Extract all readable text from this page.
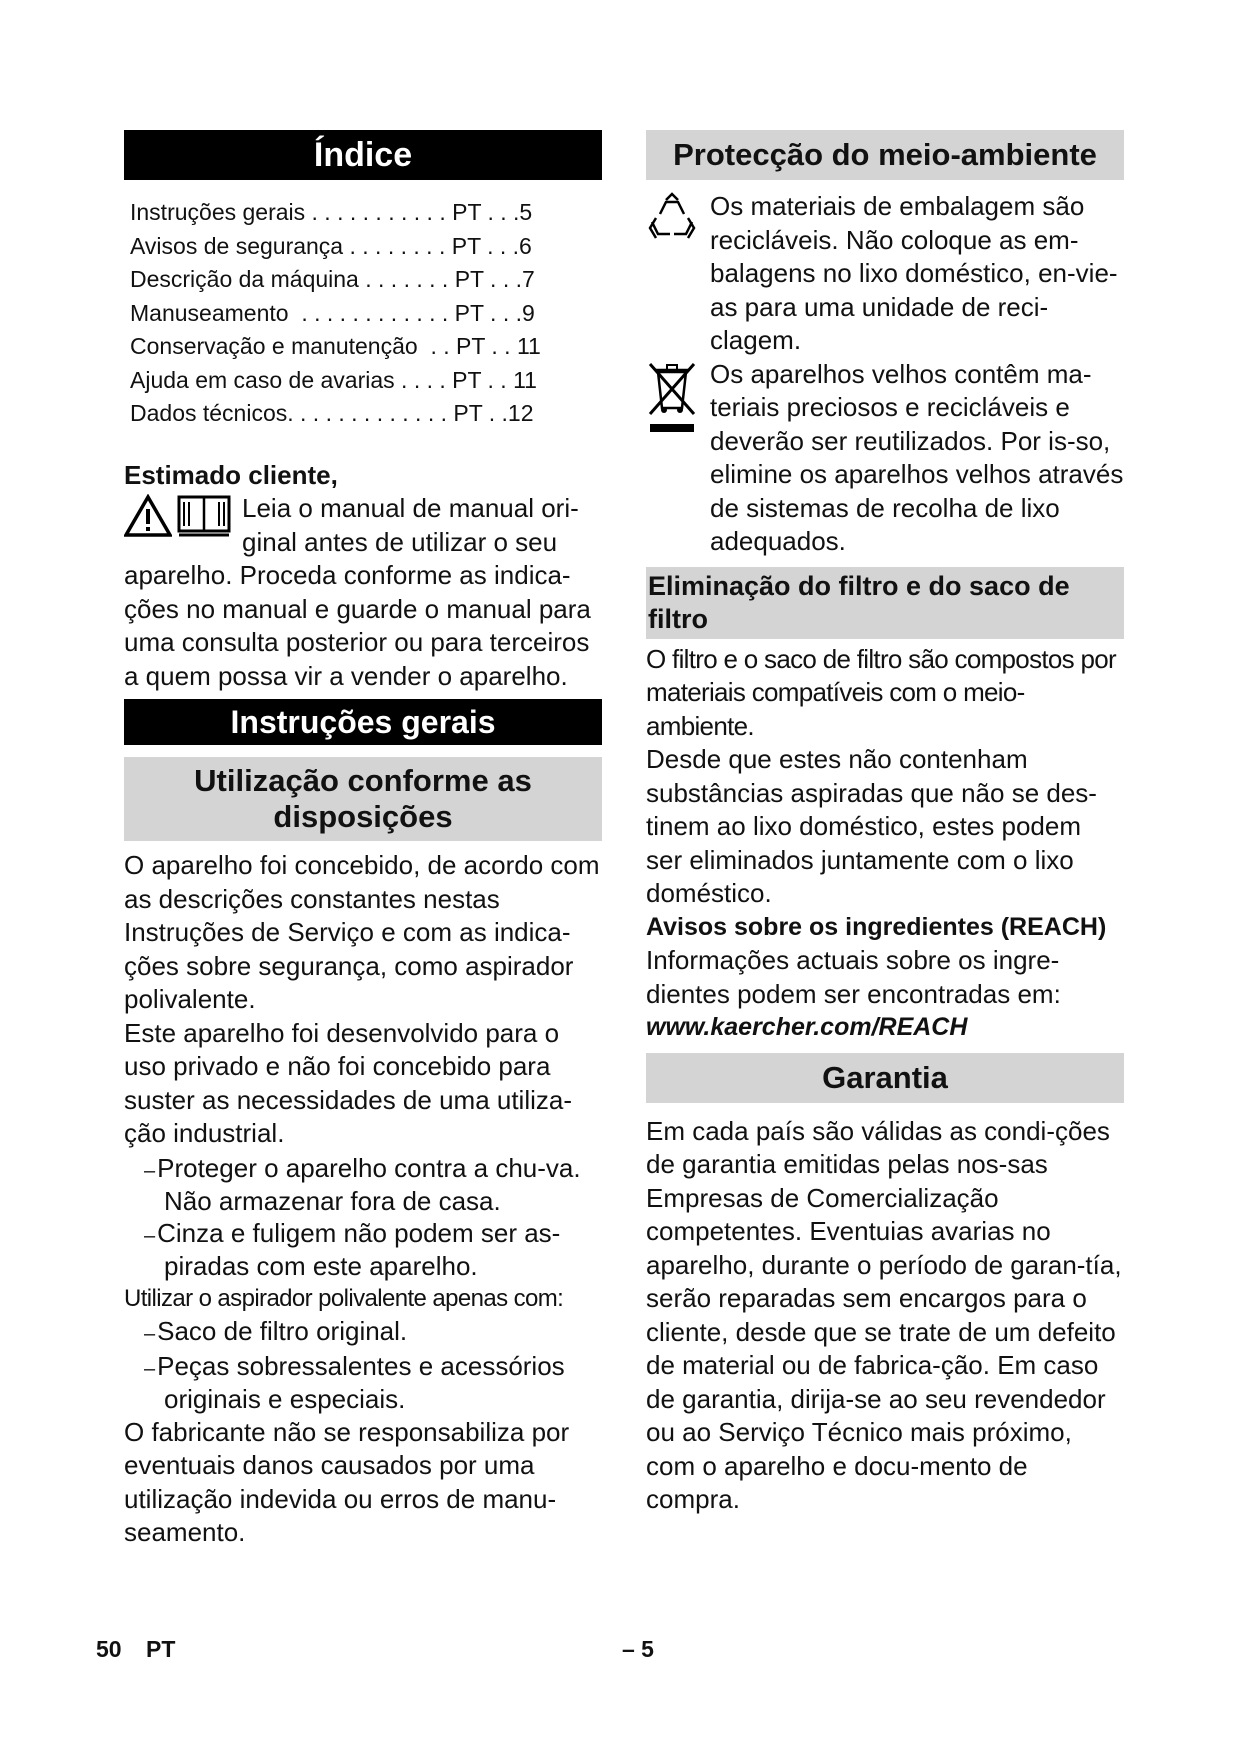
Índice
Instruções gerais . . . . . . . . . . . PT . . .5
Avisos de segurança . . . . . . . . PT . . .6
Descrição da máquina . . . . . . . PT . . .7
Manuseamento  . . . . . . . . . . . . PT . . .9
Conservação e manutenção  . . PT . . 11
Ajuda em caso de avarias . . . . PT . . 11
Dados técnicos. . . . . . . . . . . . . PT . .12

Estimado cliente,

Leia o manual de manual ori-

ginal antes de utilizar o seu

aparelho. Proceda conforme as indica-ções no manual e guarde o manual para uma consulta posterior ou para terceiros a quem possa vir a vender o aparelho.

Instruções gerais
Utilização conforme as disposições

O aparelho foi concebido, de acordo com as descrições constantes nestas Instruções de Serviço e com as indica-ções sobre segurança, como aspirador polivalente.

Este aparelho foi desenvolvido para o uso privado e não foi concebido para suster as necessidades de uma utiliza-ção industrial.

–Proteger o aparelho contra a chu-va. Não armazenar fora de casa.
–Cinza e fuligem não podem ser as-piradas com este aparelho.

Utilizar o aspirador polivalente apenas com:

–Saco de filtro original.
–Peças sobressalentes e acessórios originais e especiais.

O fabricante não se responsabiliza por eventuais danos causados por uma utilização indevida ou erros de manu-seamento.

Protecção do meio-ambiente

Os materiais de embalagem são recicláveis. Não coloque as em-balagens no lixo doméstico, en-vie-as para uma unidade de reci-clagem.

Os aparelhos velhos contêm ma-teriais preciosos e recicláveis e deverão ser reutilizados. Por is-so, elimine os aparelhos velhos através de sistemas de recolha de lixo adequados.

Eliminação do filtro e do saco de filtro

O filtro e o saco de filtro são compostos por materiais compatíveis com o meio-ambiente.

Desde que estes não contenham substâncias aspiradas que não se des-tinem ao lixo doméstico, estes podem ser eliminados juntamente com o lixo doméstico.

Avisos sobre os ingredientes (REACH)

Informações actuais sobre os ingre-dientes podem ser encontradas em:

www.kaercher.com/REACH

Garantia

Em cada país são válidas as condi-ções de garantia emitidas pelas nos-sas Empresas de Comercialização competentes. Eventuias avarias no aparelho, durante o período de garan-tía, serão reparadas sem encargos para o cliente, desde que se trate de um defeito de material ou de fabrica-ção. Em caso de garantia, dirija-se ao seu revendedor ou ao Serviço Técnico mais próximo, com o aparelho e docu-mento de compra.

50 PT	– 5
